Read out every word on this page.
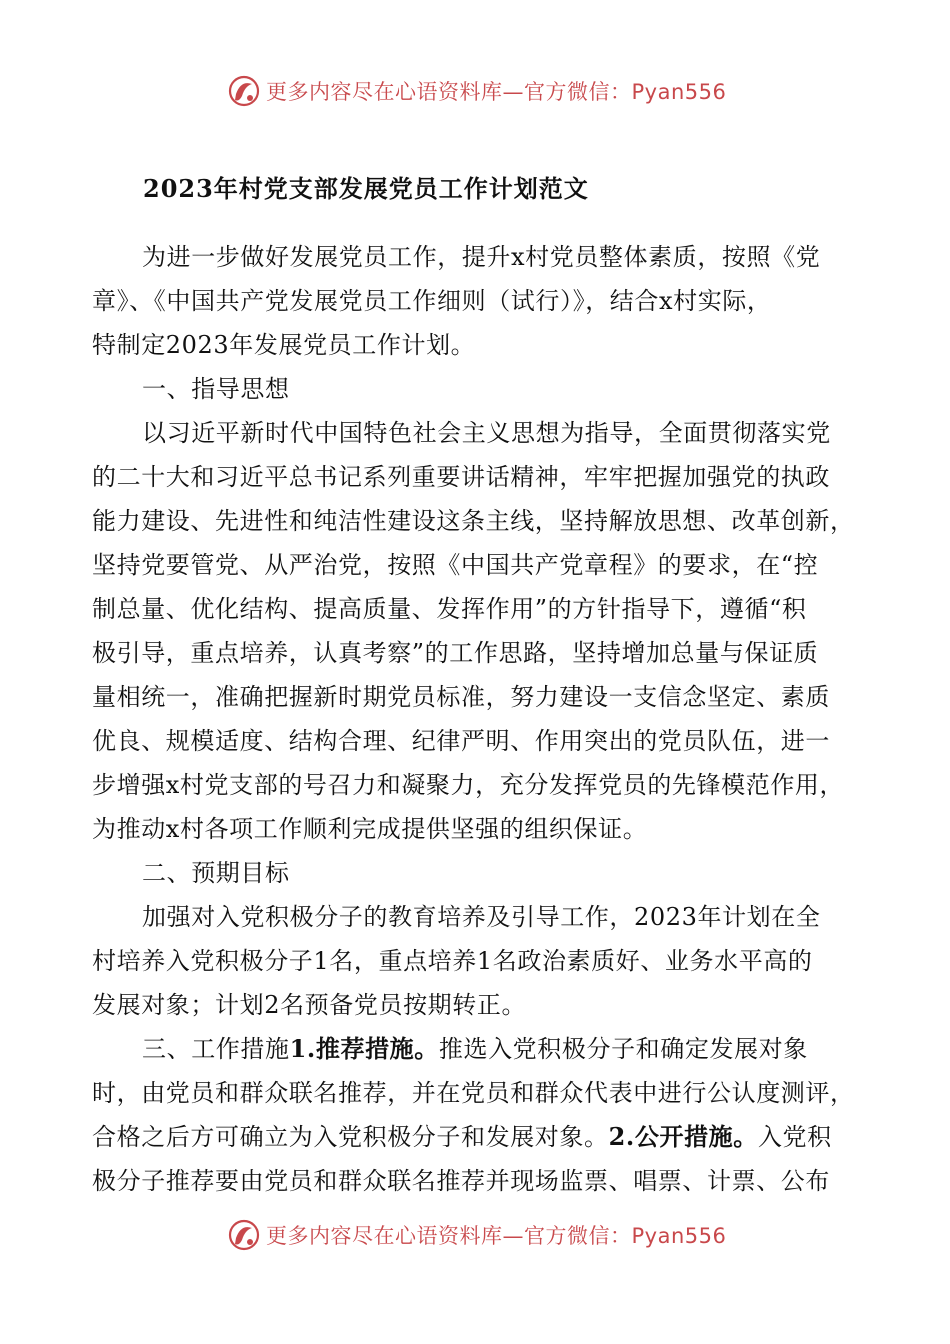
更多内容尽在心语资料库—官方微信：Pyan556
2023年村党支部发展党员工作计划范文
为进一步做好发展党员工作，提升x村党员整体素质，按照《党
章》、《中国共产党发展党员工作细则（试行）》，结合x村实际，
特制定2023年发展党员工作计划。
一、指导思想
以习近平新时代中国特色社会主义思想为指导，全面贯彻落实党
的二十大和习近平总书记系列重要讲话精神，牢牢把握加强党的执政
能力建设、先进性和纯洁性建设这条主线，坚持解放思想、改革创新，
坚持党要管党、从严治党，按照《中国共产党章程》的要求，在“控
制总量、优化结构、提高质量、发挥作用”的方针指导下，遵循“积
极引导，重点培养，认真考察”的工作思路，坚持增加总量与保证质
量相统一，准确把握新时期党员标准，努力建设一支信念坚定、素质
优良、规模适度、结构合理、纪律严明、作用突出的党员队伍，进一
步增强x村党支部的号召力和凝聚力，充分发挥党员的先锋模范作用，
为推动x村各项工作顺利完成提供坚强的组织保证。
二、预期目标
加强对入党积极分子的教育培养及引导工作，2023年计划在全
村培养入党积极分子1名，重点培养1名政治素质好、业务水平高的
发展对象；计划2名预备党员按期转正。
三、工作措施1.推荐措施。推选入党积极分子和确定发展对象
时，由党员和群众联名推荐，并在党员和群众代表中进行公认度测评，
合格之后方可确立为入党积极分子和发展对象。2.公开措施。入党积
极分子推荐要由党员和群众联名推荐并现场监票、唱票、计票、公布
更多内容尽在心语资料库—官方微信：Pyan556
